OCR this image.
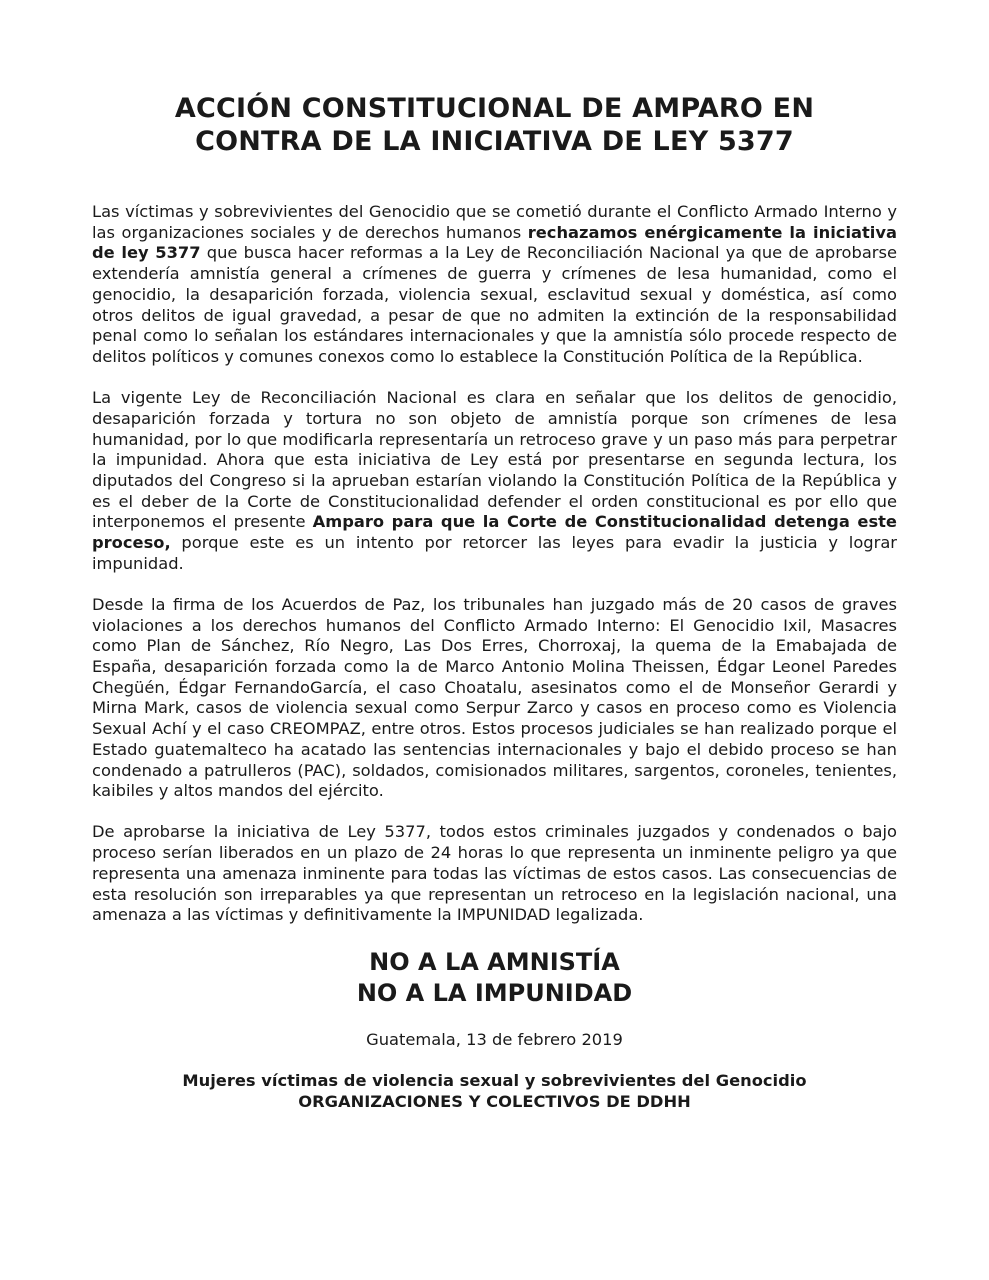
ACCIÓN CONSTITUCIONAL DE AMPARO EN
CONTRA DE LA INICIATIVA DE LEY 5377

Las víctimas y sobrevivientes del Genocidio que se cometió durante el Conflicto Armado Interno y las organizaciones sociales y de derechos humanos rechazamos enérgicamente la iniciativa de ley 5377 que busca hacer reformas a la Ley de Reconciliación Nacional ya que de aprobarse extendería amnistía general a crímenes de guerra y crímenes de lesa humanidad, como el genocidio, la desaparición forzada, violencia sexual, esclavitud sexual y doméstica, así como otros delitos de igual gravedad, a pesar de que no admiten la extinción de la responsabilidad penal como lo señalan los estándares internacionales y que la amnistía sólo procede respecto de delitos políticos y comunes conexos como lo establece la Constitución Política de la República.

La vigente Ley de Reconciliación Nacional es clara en señalar que los delitos de genocidio, desaparición forzada y tortura no son objeto de amnistía porque son crímenes de lesa humanidad, por lo que modificarla representaría un retroceso grave y un paso más para perpetrar la impunidad. Ahora que esta iniciativa de Ley está por presentarse en segunda lectura, los diputados del Congreso si la aprueban estarían violando la Constitución Política de la República y es el deber de la Corte de Constitucionalidad defender el orden constitucional es por ello que interponemos el presente Amparo para que la Corte de Constitucionalidad detenga este proceso, porque este es un intento por retorcer las leyes para evadir la justicia y lograr impunidad.

Desde la firma de los Acuerdos de Paz, los tribunales han juzgado más de 20 casos de graves violaciones a los derechos humanos del Conflicto Armado Interno: El Genocidio Ixil, Masacres como Plan de Sánchez, Río Negro, Las Dos Erres, Chorroxaj, la quema de la Emabajada de España, desaparición forzada como la de Marco Antonio Molina Theissen, Édgar Leonel Paredes Chegüén, Édgar FernandoGarcía, el caso Choatalu, asesinatos como el de Monseñor Gerardi y Mirna Mark, casos de violencia sexual como Serpur Zarco y casos en proceso como es Violencia Sexual Achí y el caso CREOMPAZ, entre otros. Estos procesos judiciales se han realizado porque el Estado guatemalteco ha acatado las sentencias internacionales y bajo el debido proceso se han condenado a patrulleros (PAC), soldados, comisionados militares, sargentos, coroneles, tenientes, kaibiles y altos mandos del ejército.

De aprobarse la iniciativa de Ley 5377, todos estos criminales juzgados y condenados o bajo proceso serían liberados en un plazo de 24 horas lo que representa un inminente peligro ya que representa una amenaza inminente para todas las víctimas de estos casos. Las consecuencias de esta resolución son irreparables ya que representan un retroceso en la legislación nacional, una amenaza a las víctimas y definitivamente la IMPUNIDAD legalizada.

NO A LA AMNISTÍA
NO A LA IMPUNIDAD
Guatemala, 13 de febrero 2019
Mujeres víctimas de violencia sexual y sobrevivientes del Genocidio
ORGANIZACIONES Y COLECTIVOS DE DDHH
